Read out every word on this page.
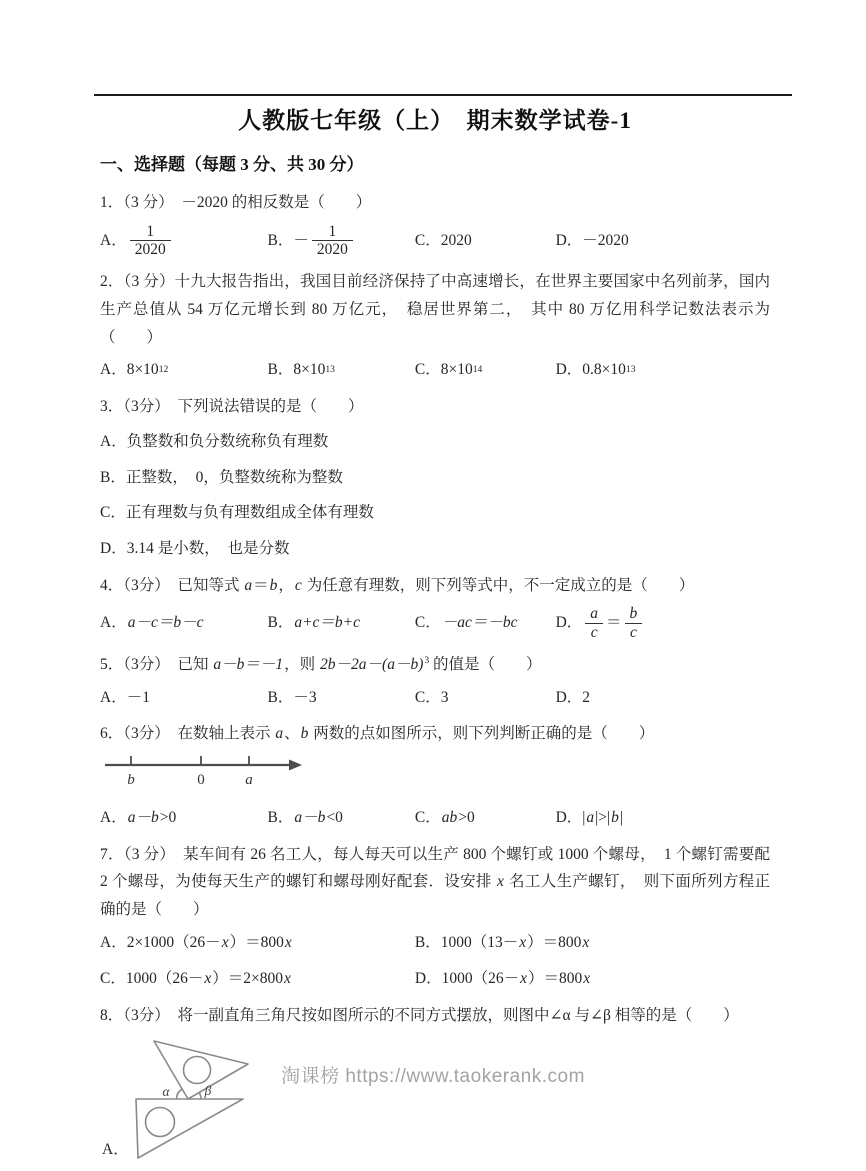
人教版七年级（上）　期末数学试卷-1
一、选择题（每题 3 分、共 30 分）

1．（3 分）　－2020 的相反数是（　　）

A． $\frac{1}{2020}$	B．－ $\frac{1}{2020}$	C．2020	D．－2020

2．（3 分）十九大报告指出，我国目前经济保持了中高速增长，在世界主要国家中名列前茅，国内生产总值从 54 万亿元增长到 80 万亿元，　稳居世界第二，　其中 80 万亿用科学记数法表示为（　　）

A．8×10 12	B．8×10 13	C．8×10 14	D．0.8×10 13

3．（3分）　下列说法错误的是（　　）

A．负整数和负分数统称负有理数
B．正整数，　0，负整数统称为整数
C．正有理数与负有理数组成全体有理数
D．3.14 是小数，　也是分数

4．（3分）　已知等式 a＝b，c 为任意有理数，则下列等式中，不一定成立的是（　　）

A． a－c＝b－c	B． a+c＝b+c	C． －ac＝－bc D． $\frac{a}{c} = \frac{b}{c}$

5．（3分）　已知 a－b＝－1，则 $2b-2a-(a-b)^3$ 的值是（　　）

A．－1	B．－3	C．3	D．2

6．（3分）　在数轴上表示 a、b 两数的点如图所示，则下列判断正确的是（　　）

b	0	a
A． a－b >0	B． a－b <0	C． ab >0	D．| a |>| b |

7．（3 分）　某车间有 26 名工人，每人每天可以生产 800 个螺钉或 1000 个螺母，　1 个螺钉需要配 2 个螺母，为使每天生产的螺钉和螺母刚好配套．设安排 x 名工人生产螺钉，　则下面所列方程正确的是（　　）

A．2×1000（26－ x ）＝800 x	B．1000（13－ x ）＝800 x
C．1000（26－ x ）＝2×800 x	D．1000（26－ x ）＝800 x

8．（3分）　将一副直角三角尺按如图所示的不同方式摆放，则图中∠α 与∠β 相等的是（　　）

A．
α	β
淘课榜 https://www.taokerank.com
